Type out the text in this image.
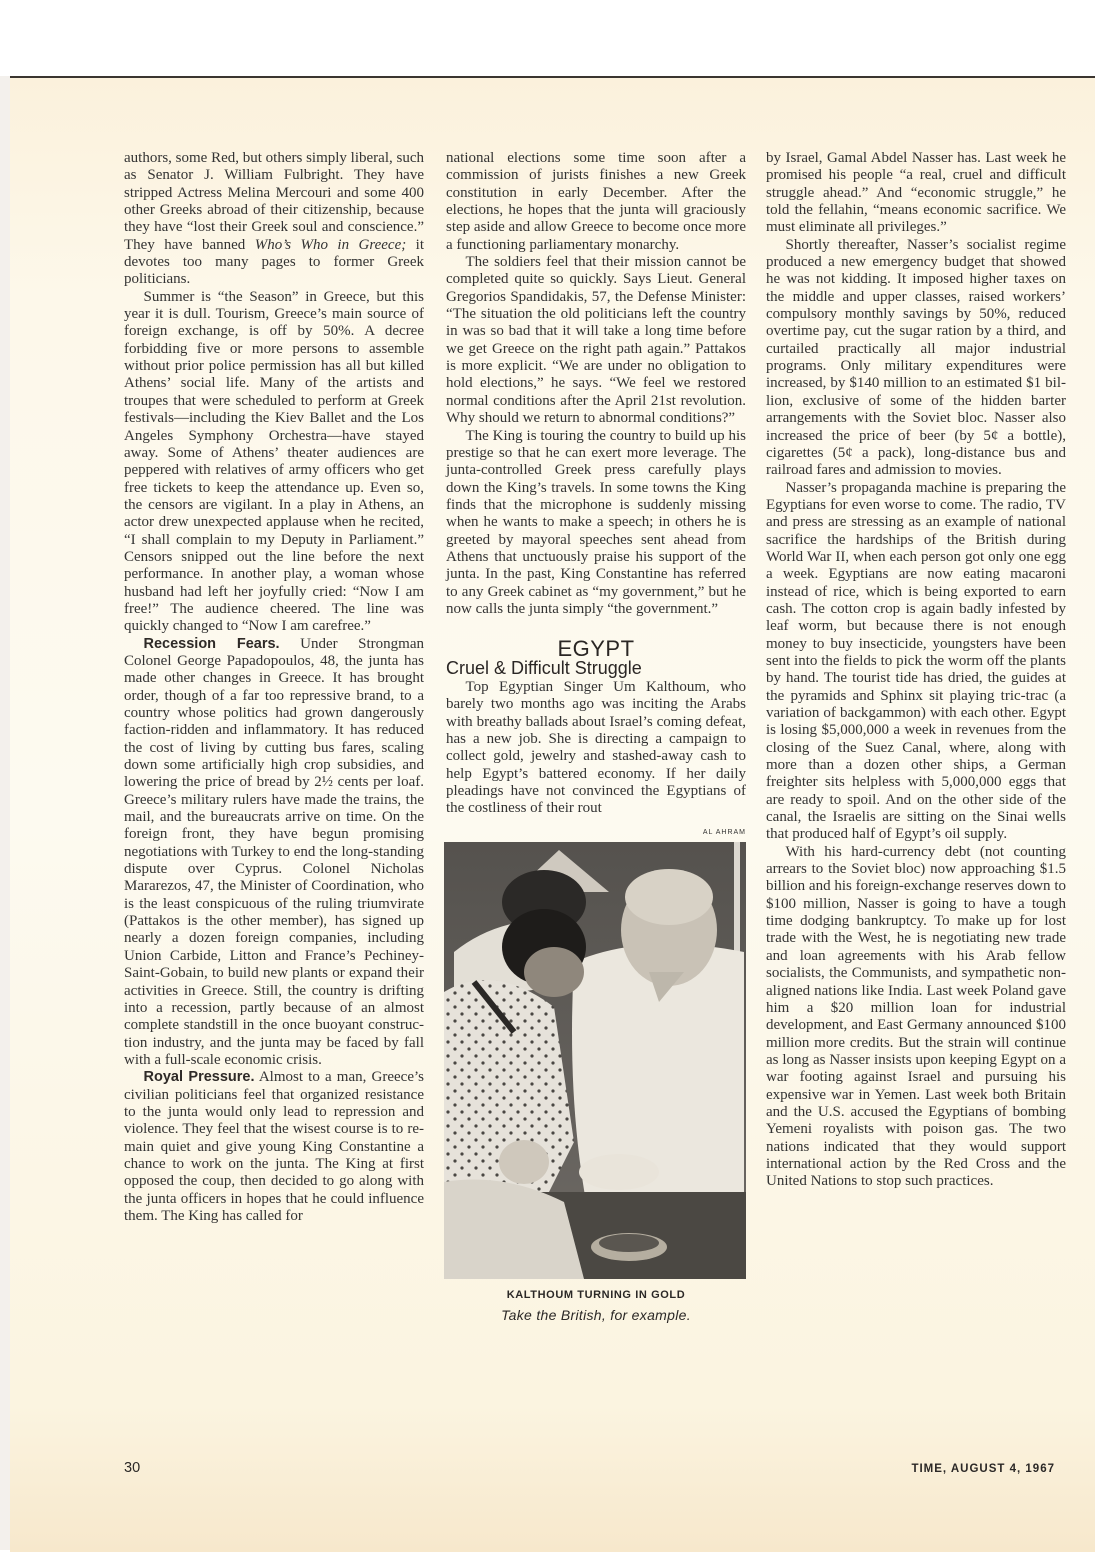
authors, some Red, but others simply liberal, such as Senator J. William Fulbright. They have stripped Actress Melina Mercouri and some 400 other Greeks abroad of their citizenship, because they have “lost their Greek soul and conscience.” They have banned Who’s Who in Greece; it devotes too many pages to former Greek politicians.

Summer is “the Season” in Greece, but this year it is dull. Tourism, Greece’s main source of foreign exchange, is off by 50%. A decree forbidding five or more persons to assemble without prior police permission has all but killed Athens’ social life. Many of the artists and troupes that were scheduled to perform at Greek festivals—including the Kiev Ballet and the Los Angeles Symphony Orchestra—have stayed away. Some of Athens’ theater audiences are peppered with relatives of army officers who get free tickets to keep the attendance up. Even so, the censors are vigilant. In a play in Athens, an actor drew unexpected applause when he recited, “I shall complain to my Deputy in Parliament.” Censors snipped out the line before the next performance. In another play, a woman whose husband had left her joyfully cried: “Now I am free!” The audience cheered. The line was quickly changed to “Now I am carefree.”

Recession Fears. Under Strongman Colonel George Papadopoulos, 48, the junta has made other changes in Greece. It has brought order, though of a far too repressive brand, to a country whose politics had grown dangerously faction-ridden and inflammatory. It has reduced the cost of living by cutting bus fares, scaling down some artificially high crop subsidies, and lowering the price of bread by 2½ cents per loaf. Greece’s military rulers have made the trains, the mail, and the bureaucrats arrive on time. On the foreign front, they have begun promising negotiations with Turkey to end the long-standing dispute over Cyprus. Colonel Nicholas Mararezos, 47, the Minister of Coordination, who is the least conspicuous of the ruling triumvirate (Pattakos is the other member), has signed up nearly a dozen foreign companies, including Union Carbide, Litton and France’s Pechiney-Saint-Gobain, to build new plants or expand their activities in Greece. Still, the country is drifting into a recession, partly because of an almost complete standstill in the once buoyant construction industry, and the junta may be faced by fall with a full-scale economic crisis.

Royal Pressure. Almost to a man, Greece’s civilian politicians feel that organized resistance to the junta would only lead to repression and violence. They feel that the wisest course is to remain quiet and give young King Constantine a chance to work on the junta. The King at first opposed the coup, then decided to go along with the junta officers in hopes that he could influence them. The King has called for

national elections some time soon after a commission of jurists finishes a new Greek constitution in early December. After the elections, he hopes that the junta will graciously step aside and allow Greece to become once more a functioning parliamentary monarchy.

The soldiers feel that their mission cannot be completed quite so quickly. Says Lieut. General Gregorios Spandidakis, 57, the Defense Minister: “The situation the old politicians left the country in was so bad that it will take a long time before we get Greece on the right path again.” Pattakos is more explicit. “We are under no obligation to hold elections,” he says. “We feel we restored normal conditions after the April 21st revolution. Why should we return to abnormal conditions?”

The King is touring the country to build up his prestige so that he can exert more leverage. The junta-controlled Greek press carefully plays down the King’s travels. In some towns the King finds that the microphone is suddenly missing when he wants to make a speech; in others he is greeted by mayoral speeches sent ahead from Athens that unctuously praise his support of the junta. In the past, King Constantine has referred to any Greek cabinet as “my government,” but he now calls the junta simply “the government.”

EGYPT
Cruel & Difficult Struggle

Top Egyptian Singer Um Kalthoum, who barely two months ago was inciting the Arabs with breathy ballads about Israel’s coming defeat, has a new job. She is directing a campaign to collect gold, jewelry and stashed-away cash to help Egypt’s battered economy. If her daily pleadings have not convinced the Egyptians of the costliness of their rout

AL AHRAM
KALTHOUM TURNING IN GOLD
Take the British, for example.

by Israel, Gamal Abdel Nasser has. Last week he promised his people “a real, cruel and difficult struggle ahead.” And “economic struggle,” he told the fellahin, “means economic sacrifice. We must eliminate all privileges.”

Shortly thereafter, Nasser’s socialist regime produced a new emergency budget that showed he was not kidding. It imposed higher taxes on the middle and upper classes, raised workers’ compulsory monthly savings by 50%, reduced overtime pay, cut the sugar ration by a third, and curtailed practically all major industrial programs. Only military expenditures were increased, by $140 million to an estimated $1 billion, exclusive of some of the hidden barter arrangements with the Soviet bloc. Nasser also increased the price of beer (by 5¢ a bottle), cigarettes (5¢ a pack), long-distance bus and railroad fares and admission to movies.

Nasser’s propaganda machine is preparing the Egyptians for even worse to come. The radio, TV and press are stressing as an example of national sacrifice the hardships of the British during World War II, when each person got only one egg a week. Egyptians are now eating macaroni instead of rice, which is being exported to earn cash. The cotton crop is again badly infested by leaf worm, but because there is not enough money to buy insecticide, youngsters have been sent into the fields to pick the worm off the plants by hand. The tourist tide has dried, the guides at the pyramids and Sphinx sit playing tric-trac (a variation of backgammon) with each other. Egypt is losing $5,000,000 a week in revenues from the closing of the Suez Canal, where, along with more than a dozen other ships, a German freighter sits helpless with 5,000,000 eggs that are ready to spoil. And on the other side of the canal, the Israelis are sitting on the Sinai wells that produced half of Egypt’s oil supply.

With his hard-currency debt (not counting arrears to the Soviet bloc) now approaching $1.5 billion and his foreign-exchange reserves down to $100 million, Nasser is going to have a tough time dodging bankruptcy. To make up for lost trade with the West, he is negotiating new trade and loan agreements with his Arab fellow socialists, the Communists, and sympathetic nonaligned nations like India. Last week Poland gave him a $20 million loan for industrial development, and East Germany announced $100 million more credits. But the strain will continue as long as Nasser insists upon keeping Egypt on a war footing against Israel and pursuing his expensive war in Yemen. Last week both Britain and the U.S. accused the Egyptians of bombing Yemeni royalists with poison gas. The two nations indicated that they would support international action by the Red Cross and the United Nations to stop such practices.

30	TIME, AUGUST 4, 1967
